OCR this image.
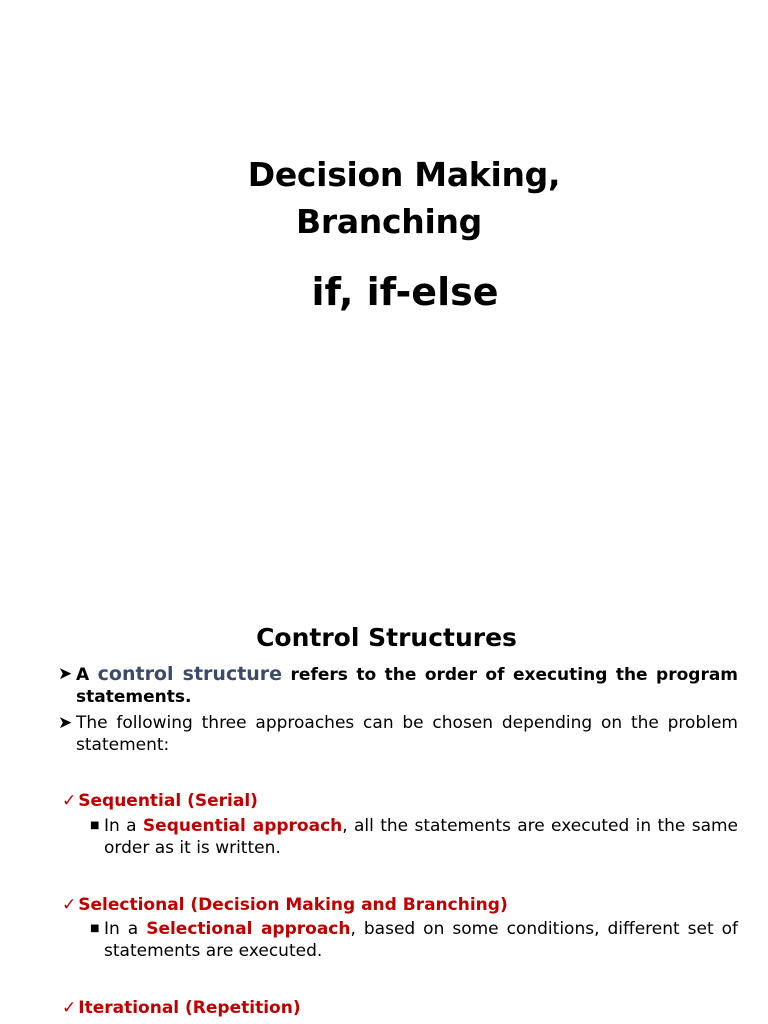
Decision Making,
Branching
if, if-else
Control Structures
➤ A control structure refers to the order of executing the program statements.
➤ The following three approaches can be chosen depending on the problem statement:
✓ Sequential (Serial)
■ In a Sequential approach, all the statements are executed in the same order as it is written.
✓ Selectional (Decision Making and Branching)
■ In a Selectional approach, based on some conditions, different set of statements are executed.
✓ Iterational (Repetition)
